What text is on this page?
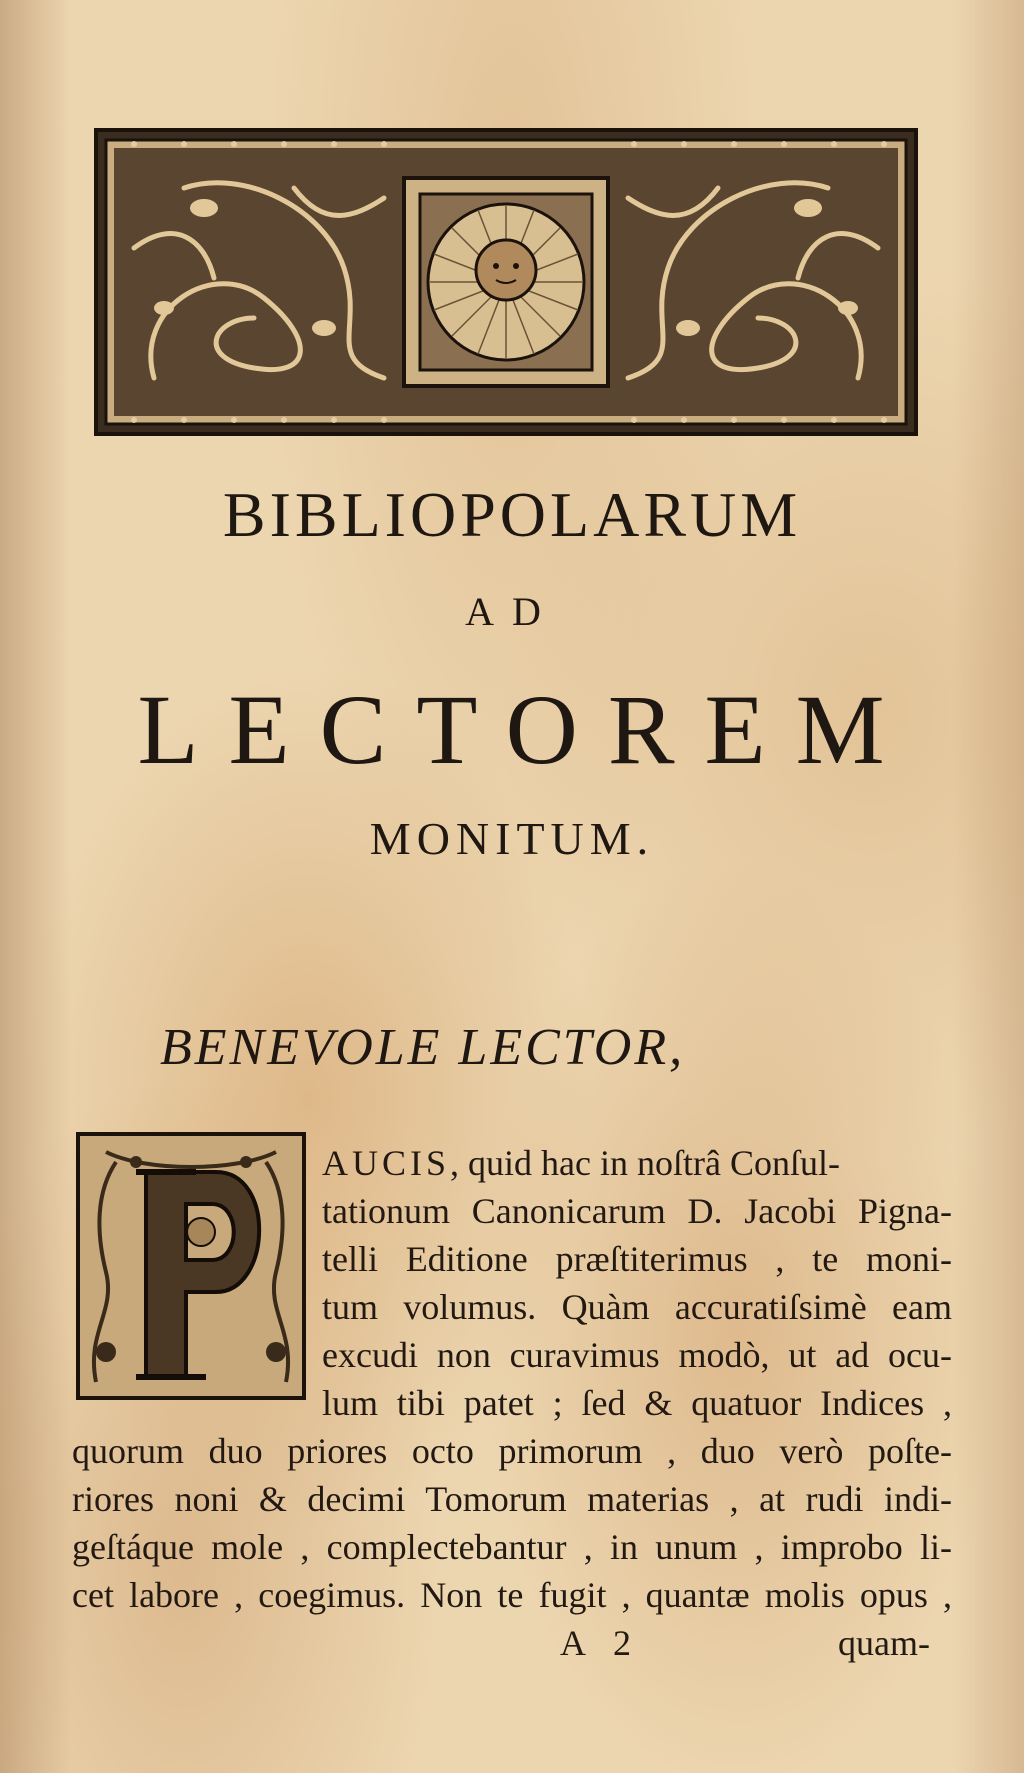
BIBLIOPOLARUM
AD
LECTOREM
MONITUM.
BENEVOLE LECTOR,
AUCIS, quid hac in noſtrâ Conſul-
tationum Canonicarum D. Jacobi Pigna-
telli Editione præſtiterimus , te moni-
tum volumus. Quàm accuratiſsimè eam
excudi non curavimus modò, ut ad ocu-
lum tibi patet ; ſed & quatuor Indices ,
quorum duo priores octo primorum , duo verò poſte-
riores noni & decimi Tomorum materias , at rudi indi-
geſtáque mole , complectebantur , in unum , improbo li-
cet labore , coegimus. Non te fugit , quantæ molis opus ,
A 2	quam-
